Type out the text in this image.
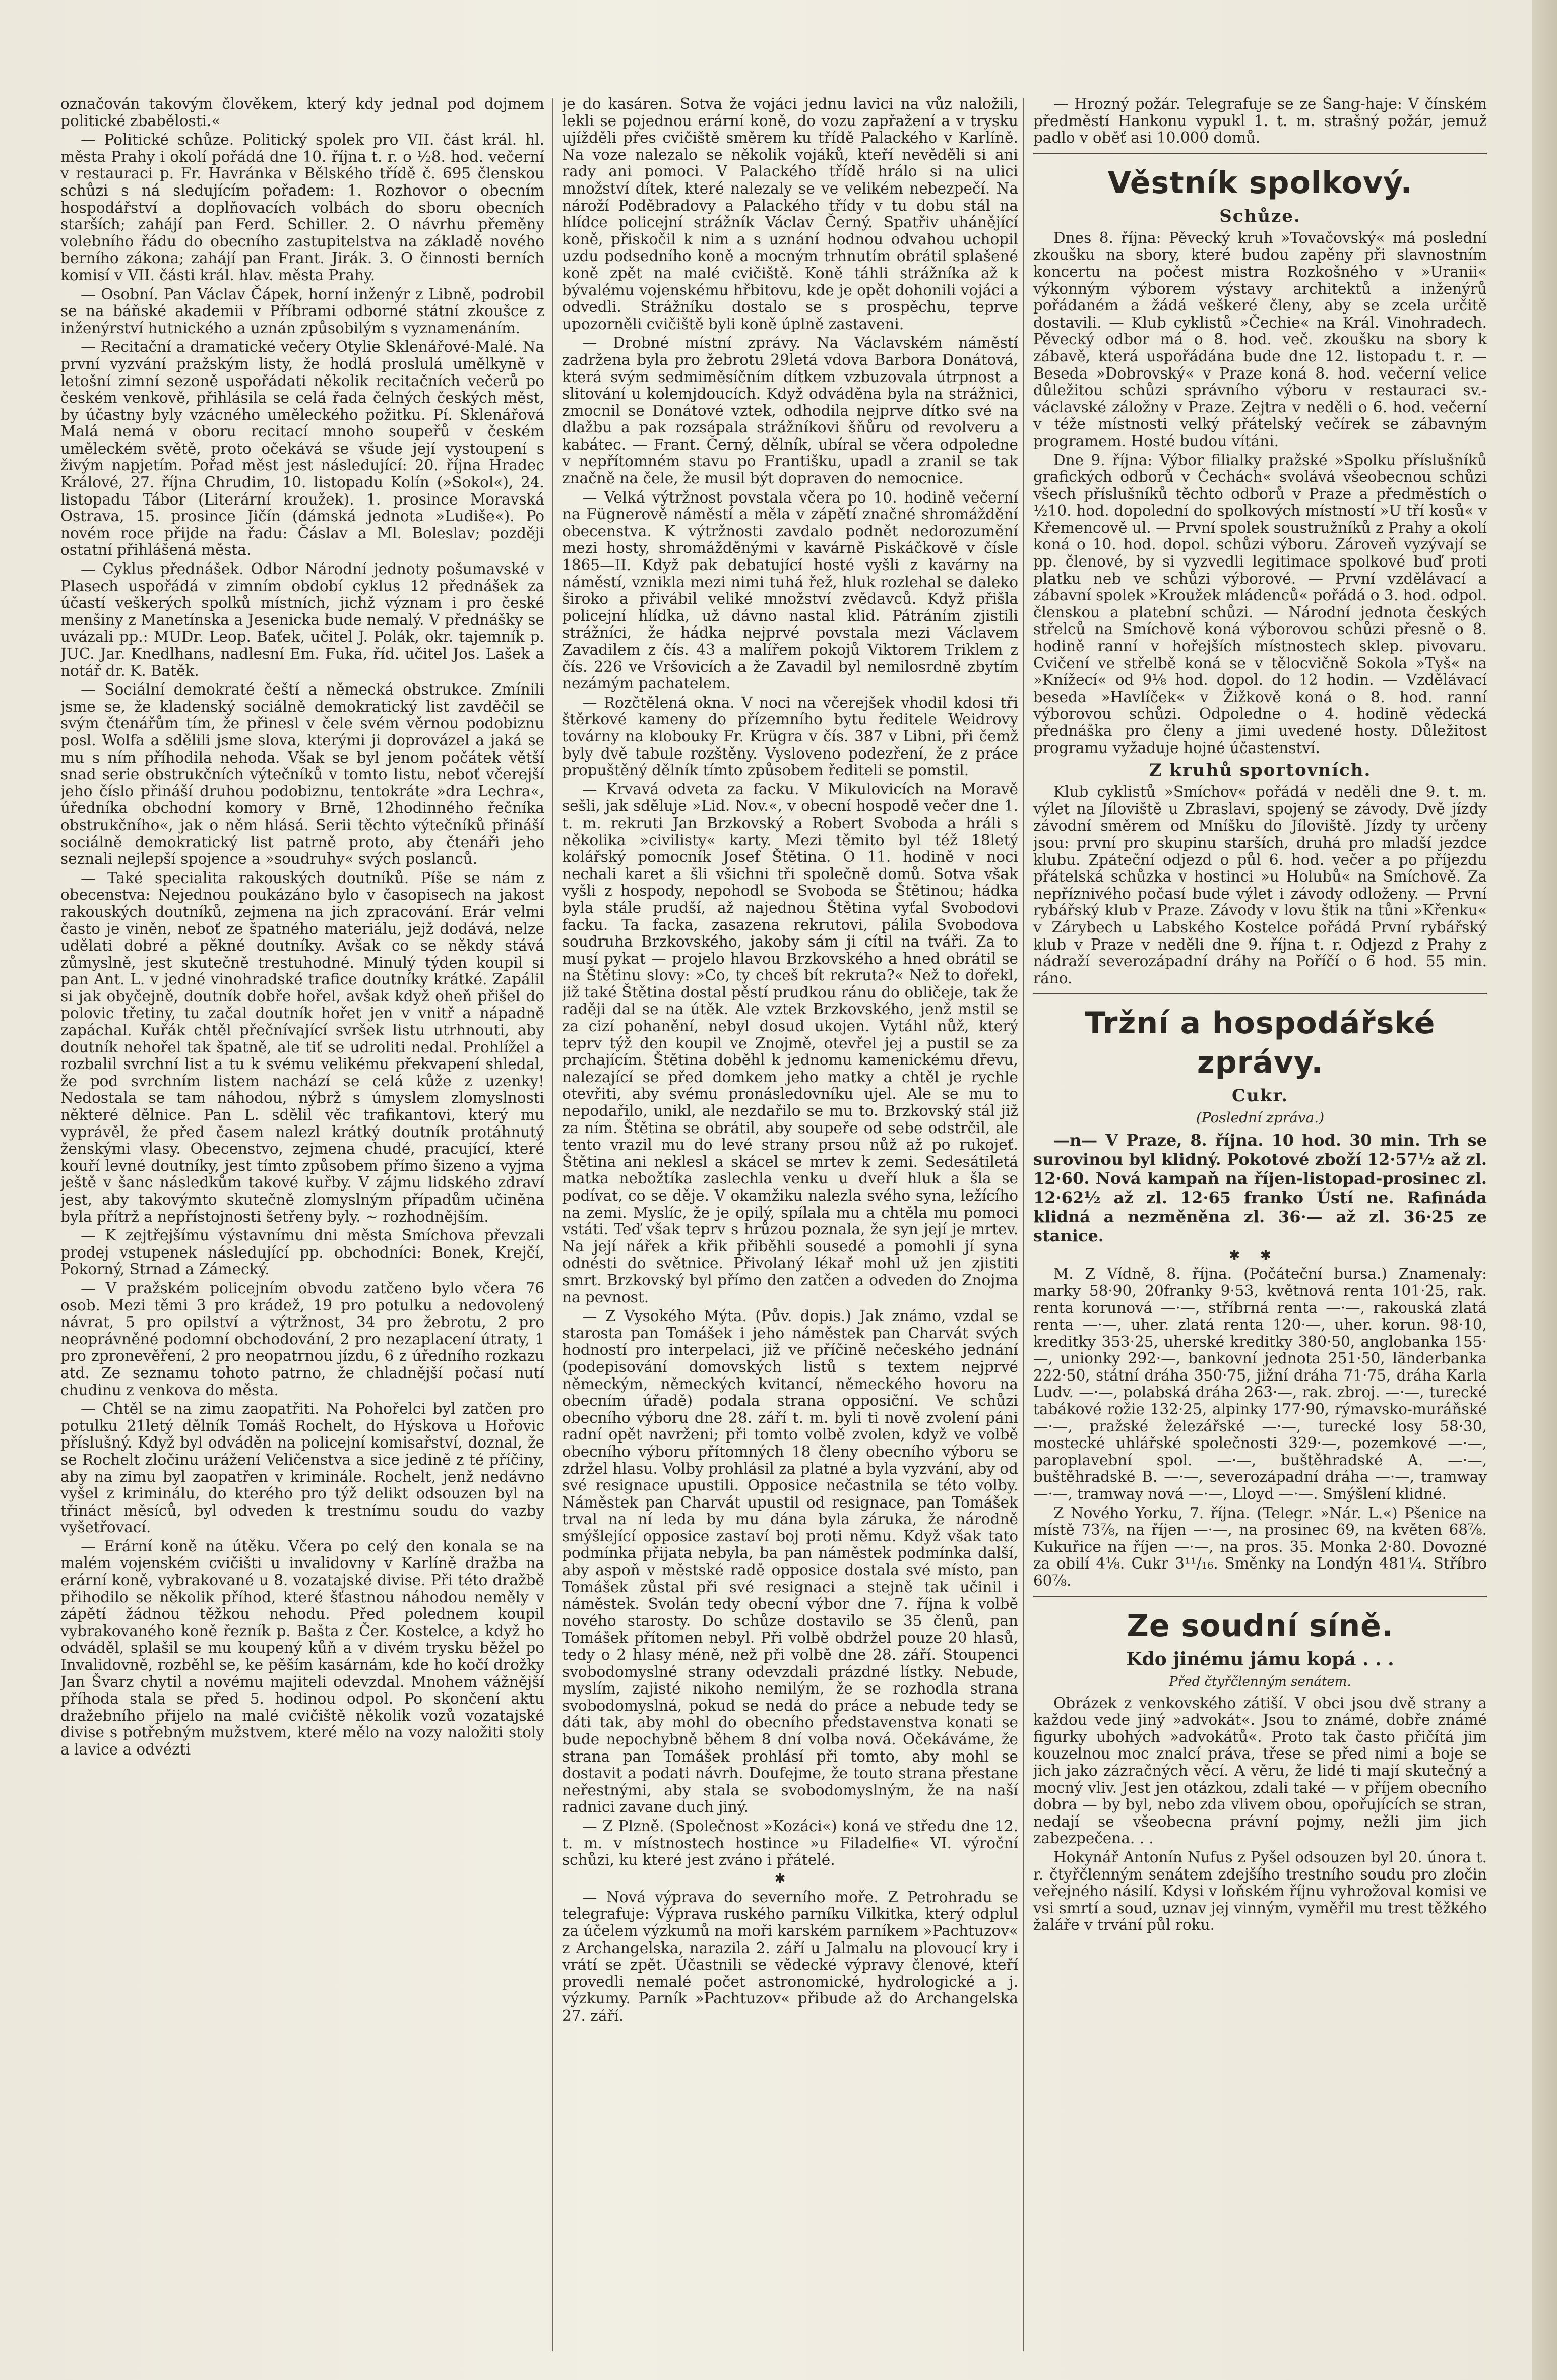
označován takovým člověkem, který kdy jednal pod dojmem politické zbabělosti.«

— Politické schůze. Politický spolek pro VII. část král. hl. města Prahy i okolí pořádá dne 10. října t. r. o ½8. hod. večerní v restauraci p. Fr. Havránka v Bělského třídě č. 695 členskou schůzi s ná sledujícím pořadem: 1. Rozhovor o obecním hospodářství a doplňovacích volbách do sboru obecních starších; zahájí pan Ferd. Schiller. 2. O návrhu přeměny volebního řádu do obecního zastupitelstva na základě nového berního zákona; zahájí pan Frant. Jirák. 3. O činnosti berních komisí v VII. části král. hlav. města Prahy.

— Osobní. Pan Václav Čápek, horní inženýr z Libně, podrobil se na báňské akademii v Příbrami odborné státní zkoušce z inženýrství hutnického a uznán způsobilým s vyznamenáním.

— Recitační a dramatické večery Otylie Sklenářové-Malé. Na první vyzvání pražským listy, že hodlá proslulá umělkyně v letošní zimní sezoně uspořádati několik recitačních večerů po českém venkově, přihlásila se celá řada čelných českých měst, by účastny byly vzácného uměleckého požitku. Pí. Sklenářová Malá nemá v oboru recitací mnoho soupeřů v českém uměleckém světě, proto očekává se všude její vystoupení s živým napjetím. Pořad měst jest následující: 20. října Hradec Králové, 27. října Chrudim, 10. listopadu Kolín (»Sokol«), 24. listopadu Tábor (Literární kroužek). 1. prosince Moravská Ostrava, 15. prosince Jičín (dámská jednota »Ludiše«). Po novém roce přijde na řadu: Čáslav a Ml. Boleslav; později ostatní přihlášená města.

— Cyklus přednášek. Odbor Národní jednoty pošumavské v Plasech uspořádá v zimním období cyklus 12 přednášek za účastí veškerých spolků místních, jichž význam i pro české menšiny z Manetínska a Jesenicka bude nemalý. V přednášky se uvázali pp.: MUDr. Leop. Baťek, učitel J. Polák, okr. tajemník p. JUC. Jar. Knedlhans, nadlesní Em. Fuka, říd. učitel Jos. Lašek a notář dr. K. Batěk.

— Sociální demokraté čeští a německá obstrukce. Zmínili jsme se, že kladenský sociálně demokratický list zavděčil se svým čtenářům tím, že přinesl v čele svém věrnou podobiznu posl. Wolfa a sdělili jsme slova, kterými ji doprovázel a jaká se mu s ním příhodila nehoda. Však se byl jenom počátek větší snad serie obstrukčních výtečníků v tomto listu, neboť včerejší jeho číslo přináší druhou podobiznu, tentokráte »dra Lechra«, úředníka obchodní komory v Brně, 12hodinného řečníka obstrukčního«, jak o něm hlásá. Serii těchto výtečníků přináší sociálně demokratický list patrně proto, aby čtenáři jeho seznali nejlepší spojence a »soudruhy« svých poslanců.

— Také specialita rakouských doutníků. Píše se nám z obecenstva: Nejednou poukázáno bylo v časopisech na jakost rakouských doutníků, zejmena na jich zpracování. Erár velmi často je viněn, neboť ze špatného materiálu, jejž dodává, nelze udělati dobré a pěkné doutníky. Avšak co se někdy stává zůmyslně, jest skutečně trestuhodné. Minulý týden koupil si pan Ant. L. v jedné vinohradské trafice doutníky krátké. Zapálil si jak obyčejně, doutník dobře hořel, avšak když oheň přišel do polovic třetiny, tu začal doutník hořet jen v vnitř a nápadně zapáchal. Kuřák chtěl přečnívající svršek listu utrhnouti, aby doutník nehořel tak špatně, ale tiť se udroliti nedal. Prohlížel a rozbalil svrchní list a tu k svému velikému překvapení shledal, že pod svrchním listem nachází se celá kůže z uzenky! Nedostala se tam náhodou, nýbrž s úmyslem zlomyslnosti některé dělnice. Pan L. sdělil věc trafikantovi, který mu vyprávěl, že před časem nalezl krátký doutník protáhnutý ženskými vlasy. Obecenstvo, zejmena chudé, pracující, které kouří levné doutníky, jest tímto způsobem přímo šizeno a vyjma ještě v šanc následkům takové kuřby. V zájmu lidského zdraví jest, aby takovýmto skutečně zlomyslným případům učiněna byla přítrž a nepřístojnosti šetřeny byly. ~ rozhodnějším.

— K zejtřejšímu výstavnímu dni města Smíchova převzali prodej vstupenek následující pp. obchodníci: Bonek, Krejčí, Pokorný, Strnad a Zámecký.

— V pražském policejním obvodu zatčeno bylo včera 76 osob. Mezi těmi 3 pro krádež, 19 pro potulku a nedovolený návrat, 5 pro opilství a výtržnost, 34 pro žebrotu, 2 pro neoprávněné podomní obchodování, 2 pro nezaplacení útraty, 1 pro zpronevěření, 2 pro neopatrnou jízdu, 6 z úředního rozkazu atd. Ze seznamu tohoto patrno, že chladnější počasí nutí chudinu z venkova do města.

— Chtěl se na zimu zaopatřiti. Na Pohořelci byl zatčen pro potulku 21letý dělník Tomáš Rochelt, do Hýskova u Hořovic příslušný. Když byl odváděn na policejní komisařství, doznal, že se Rochelt zločinu urážení Veličenstva a sice jedině z té příčiny, aby na zimu byl zaopatřen v kriminále. Rochelt, jenž nedávno vyšel z kriminálu, do kterého pro týž delikt odsouzen byl na třináct měsíců, byl odveden k trestnímu soudu do vazby vyšetřovací.

— Erární koně na útěku. Včera po celý den konala se na malém vojenském cvičišti u invalidovny v Karlíně dražba na erární koně, vybrakované u 8. vozatajské divise. Při této dražbě přihodilo se několik příhod, které šťastnou náhodou neměly v zápětí žádnou těžkou nehodu. Před polednem koupil vybrakovaného koně řezník p. Bašta z Čer. Kostelce, a když ho odváděl, splašil se mu koupený kůň a v divém trysku běžel po Invalidovně, rozběhl se, ke pěším kasárnám, kde ho kočí drožky Jan Švarz chytil a novému majiteli odevzdal. Mnohem vážnější příhoda stala se před 5. hodinou odpol. Po skončení aktu dražebního přijelo na malé cvičiště několik vozů vozatajské divise s potřebným mužstvem, které mělo na vozy naložiti stoly a lavice a odvézti

je do kasáren. Sotva že vojáci jednu lavici na vůz naložili, lekli se pojednou erární koně, do vozu zapřažení a v trysku ujížděli přes cvičiště směrem ku třídě Palackého v Karlíně. Na voze nalezalo se několik vojáků, kteří nevěděli si ani rady ani pomoci. V Palackého třídě hrálo si na ulici množství dítek, které nalezaly se ve velikém nebezpečí. Na nároží Poděbradovy a Palackého třídy v tu dobu stál na hlídce policejní strážník Václav Černý. Spatřiv uhánějící koně, přiskočil k nim a s uznání hodnou odvahou uchopil uzdu podsedního koně a mocným trhnutím obrátil splašené koně zpět na malé cvičiště. Koně táhli strážníka až k bývalému vojenskému hřbitovu, kde je opět dohonili vojáci a odvedli. Strážníku dostalo se s prospěchu, teprve upozorněli cvičiště byli koně úplně zastaveni.

— Drobné místní zprávy. Na Václavském náměstí zadržena byla pro žebrotu 29letá vdova Barbora Donátová, která svým sedmiměsíčním dítkem vzbuzovala útrpnost a slitování u kolemjdoucích. Když odváděna byla na strážnici, zmocnil se Donátové vztek, odhodila nejprve dítko své na dlažbu a pak rozsápala strážníkovi šňůru od revolveru a kabátec. — Frant. Černý, dělník, ubíral se včera odpoledne v nepřítomném stavu po Františku, upadl a zranil se tak značně na čele, že musil být dopraven do nemocnice.

— Velká výtržnost povstala včera po 10. hodině večerní na Fügnerově náměstí a měla v zápětí značné shromáždění obecenstva. K výtržnosti zavdalo podnět nedorozumění mezi hosty, shromážděnými v kavárně Piskáčkově v čísle 1865—II. Když pak debatující hosté vyšli z kavárny na náměstí, vznikla mezi nimi tuhá řež, hluk rozlehal se daleko široko a přivábil veliké množství zvědavců. Když přišla policejní hlídka, už dávno nastal klid. Pátráním zjistili strážníci, že hádka nejprvé povstala mezi Václavem Zavadilem z čís. 43 a malířem pokojů Viktorem Triklem z čís. 226 ve Vršovicích a že Zavadil byl nemilosrdně zbytím nezámým pachatelem.

— Rozčtělená okna. V noci na včerejšek vhodil kdosi tři štěrkové kameny do přízemního bytu ředitele Weidrovy továrny na klobouky Fr. Krügra v čís. 387 v Libni, při čemž byly dvě tabule rozštěny. Vysloveno podezření, že z práce propuštěný dělník tímto způsobem řediteli se pomstil.

— Krvavá odveta za facku. V Mikulovicích na Moravě sešli, jak sděluje »Lid. Nov.«, v obecní hospodě večer dne 1. t. m. rekruti Jan Brzkovský a Robert Svoboda a hráli s několika »civilisty« karty. Mezi těmito byl též 18letý kolářský pomocník Josef Štětina. O 11. hodině v noci nechali karet a šli všichni tři společně domů. Sotva však vyšli z hospody, nepohodl se Svoboda se Štětinou; hádka byla stále prudší, až najednou Štětina vyťal Svobodovi facku. Ta facka, zasazena rekrutovi, pálila Svobodova soudruha Brzkovského, jakoby sám ji cítil na tváři. Za to musí pykat — projelo hlavou Brzkovského a hned obrátil se na Štětinu slovy: »Co, ty chceš bít rekruta?« Než to dořekl, již také Štětina dostal pěstí prudkou ránu do obličeje, tak že raději dal se na útěk. Ale vztek Brzkovského, jenž mstil se za cizí pohanění, nebyl dosud ukojen. Vytáhl nůž, který teprv týž den koupil ve Znojmě, otevřel jej a pustil se za prchajícím. Štětina doběhl k jednomu kamenickému dřevu, nalezající se před domkem jeho matky a chtěl je rychle otevřiti, aby svému pronásledovníku ujel. Ale se mu to nepodařilo, unikl, ale nezdařilo se mu to. Brzkovský stál již za ním. Štětina se obrátil, aby soupeře od sebe odstrčil, ale tento vrazil mu do levé strany prsou nůž až po rukojeť. Štětina ani neklesl a skácel se mrtev k zemi. Sedesátiletá matka nebožtíka zaslechla venku u dveří hluk a šla se podívat, co se děje. V okamžiku nalezla svého syna, ležícího na zemi. Myslíc, že je opilý, spílala mu a chtěla mu pomoci vstáti. Teď však teprv s hrůzou poznala, že syn její je mrtev. Na její nářek a křik přiběhli sousedé a pomohli jí syna odnésti do světnice. Přivolaný lékař mohl už jen zjistiti smrt. Brzkovský byl přímo den zatčen a odveden do Znojma na pevnost.

— Z Vysokého Mýta. (Pův. dopis.) Jak známo, vzdal se starosta pan Tomášek i jeho náměstek pan Charvát svých hodností pro interpelaci, již ve příčině nečeského jednání (podepisování domovských listů s textem nejprvé německým, německých kvitancí, německého hovoru na obecním úřadě) podala strana opposiční. Ve schůzi obecního výboru dne 28. září t. m. byli ti nově zvolení páni radní opět navrženi; při tomto volbě zvolen, když ve volbě obecního výboru přítomných 18 členy obecního výboru se zdržel hlasu. Volby prohlásil za platné a byla vyzvání, aby od své resignace upustili. Opposice nečastnila se této volby. Náměstek pan Charvát upustil od resignace, pan Tomášek trval na ní leda by mu dána byla záruka, že národně smýšlející opposice zastaví boj proti němu. Když však tato podmínka přijata nebyla, ba pan náměstek podmínka další, aby aspoň v městské radě opposice dostala své místo, pan Tomášek zůstal při své resignaci a stejně tak učinil i náměstek. Svolán tedy obecní výbor dne 7. října k volbě nového starosty. Do schůze dostavilo se 35 členů, pan Tomášek přítomen nebyl. Při volbě obdržel pouze 20 hlasů, tedy o 2 hlasy méně, než při volbě dne 28. září. Stoupenci svobodomyslné strany odevzdali prázdné lístky. Nebude, myslím, zajisté nikoho nemilým, že se rozhodla strana svobodomyslná, pokud se nedá do práce a nebude tedy se dáti tak, aby mohl do obecního představenstva konati se bude nepochybně během 8 dní volba nová. Očekáváme, že strana pan Tomášek prohlásí při tomto, aby mohl se dostavit a podati návrh. Doufejme, že touto strana přestane neřestnými, aby stala se svobodomyslným, že na naší radnici zavane duch jiný.

— Z Plzně. (Společnost »Kozáci«) koná ve středu dne 12. t. m. v místnostech hostince »u Filadelfie« VI. výroční schůzi, ku které jest zváno i přátelé.

✱

— Nová výprava do severního moře. Z Petrohradu se telegrafuje: Výprava ruského parníku Vilkitka, který odplul za účelem výzkumů na moři karském parníkem »Pachtuzov« z Archangelska, narazila 2. září u Jalmalu na plovoucí kry i vrátí se zpět. Účastnili se vědecké výpravy členové, kteří provedli nemalé počet astronomické, hydrologické a j. výzkumy. Parník »Pachtuzov« přibude až do Archangelska 27. září.

— Hrozný požár. Telegrafuje se ze Šang-haje: V čínském předměstí Hankonu vypukl 1. t. m. strašný požár, jemuž padlo v oběť asi 10.000 domů.

Věstník spolkový.
Schůze.

Dnes 8. října: Pěvecký kruh »Tovačovský« má poslední zkoušku na sbory, které budou zapěny při slavnostním koncertu na počest mistra Rozkošného v »Uranii« výkonným výborem výstavy architektů a inženýrů pořádaném a žádá veškeré členy, aby se zcela určitě dostavili. — Klub cyklistů »Čechie« na Král. Vinohradech. Pěvecký odbor má o 8. hod. več. zkoušku na sbory k zábavě, která uspořádána bude dne 12. listopadu t. r. — Beseda »Dobrovský« v Praze koná 8. hod. večerní velice důležitou schůzi správního výboru v restauraci sv.-václavské záložny v Praze. Zejtra v neděli o 6. hod. večerní v téže místnosti velký přátelský večírek se zábavným programem. Hosté budou vítáni.

Dne 9. října: Výbor filialky pražské »Spolku příslušníků grafických odborů v Čechách« svolává všeobecnou schůzi všech příslušníků těchto odborů v Praze a předměstích o ½10. hod. dopolední do spolkových místností »U tří kosů« v Křemencově ul. — První spolek soustružníků z Prahy a okolí koná o 10. hod. dopol. schůzi výboru. Zároveň vyzývají se pp. členové, by si vyzvedli legitimace spolkové buď proti platku neb ve schůzi výborové. — První vzdělávací a zábavní spolek »Kroužek mládenců« pořádá o 3. hod. odpol. členskou a platební schůzi. — Národní jednota českých střelců na Smíchově koná výborovou schůzi přesně o 8. hodině ranní v hořejších místnostech sklep. pivovaru. Cvičení ve střelbě koná se v tělocvičně Sokola »Tyš« na »Knížecí« od 9⅛ hod. dopol. do 12 hodin. — Vzdělávací beseda »Havlíček« v Žižkově koná o 8. hod. ranní výborovou schůzi. Odpoledne o 4. hodině vědecká přednáška pro členy a jimi uvedené hosty. Důležitost programu vyžaduje hojné účastenství.

Z kruhů sportovních.

Klub cyklistů »Smíchov« pořádá v neděli dne 9. t. m. výlet na Jíloviště u Zbraslavi, spojený se závody. Dvě jízdy závodní směrem od Mníšku do Jíloviště. Jízdy ty určeny jsou: první pro skupinu starších, druhá pro mladší jezdce klubu. Zpáteční odjezd o půl 6. hod. večer a po příjezdu přátelská schůzka v hostinci »u Holubů« na Smíchově. Za nepříznivého počasí bude výlet i závody odloženy. — První rybářský klub v Praze. Závody v lovu štik na tůni »Křenku« v Zárybech u Labského Kostelce pořádá První rybářský klub v Praze v neděli dne 9. října t. r. Odjezd z Prahy z nádraží severozápadní dráhy na Poříčí o 6 hod. 55 min. ráno.

Tržní a hospodářské zprávy.
Cukr.
(Poslední zpráva.)

—n— V Praze, 8. října. 10 hod. 30 min. Trh se surovinou byl klidný. Pokotové zboží 12·57½ až zl. 12·60. Nová kampaň na říjen-listopad-prosinec zl. 12·62½ až zl. 12·65 franko Ústí ne. Rafináda klidná a nezměněna zl. 36·— až zl. 36·25 ze stanice.

✱✱

M. Z Vídně, 8. října. (Počáteční bursa.) Znamenaly: marky 58·90, 20franky 9·53, květnová renta 101·25, rak. renta korunová —·—, stříbrná renta —·—, rakouská zlatá renta —·—, uher. zlatá renta 120·—, uher. korun. 98·10, kreditky 353·25, uherské kreditky 380·50, anglobanka 155·—, unionky 292·—, bankovní jednota 251·50, länderbanka 222·50, státní dráha 350·75, jižní dráha 71·75, dráha Karla Ludv. —·—, polabská dráha 263·—, rak. zbroj. —·—, turecké tabákové rožie 132·25, alpinky 177·90, rýmavsko-muráňské —·—, pražské železářské —·—, turecké losy 58·30, mostecké uhlářské společnosti 329·—, pozemkové —·—, paroplavební spol. —·—, buštěhradské A. —·—, buštěhradské B. —·—, severozápadní dráha —·—, tramway —·—, tramway nová —·—, Lloyd —·—. Smýšlení klidné.

Z Nového Yorku, 7. října. (Telegr. »Nár. L.«) Pšenice na místě 73⅞, na říjen —·—, na prosinec 69, na květen 68⅞. Kukuřice na říjen —·—, na pros. 35. Monka 2·80. Dovozné za obilí 4⅛. Cukr 3¹¹/₁₆. Směnky na Londýn 481¼. Stříbro 60⅞.

Ze soudní síně.
Kdo jinému jámu kopá . . .
Před čtyřčlenným senátem.

Obrázek z venkovského zátiší. V obci jsou dvě strany a každou vede jiný »advokát«. Jsou to známé, dobře známé figurky ubohých »advokátů«. Proto tak často přičítá jim kouzelnou moc znalcí práva, třese se před nimi a boje se jich jako zázračných věcí. A věru, že lidé ti mají skutečný a mocný vliv. Jest jen otázkou, zdali také — v příjem obecního dobra — by byl, nebo zda vlivem obou, opořujících se stran, nedají se všeobecna právní pojmy, nežli jim jich zabezpečena. . .

Hokynář Antonín Nufus z Pyšel odsouzen byl 20. února t. r. čtyřčlenným senátem zdejšího trestního soudu pro zločin veřejného násilí. Kdysi v loňském říjnu vyhrožoval komisi ve vsi smrtí a soud, uznav jej vinným, vyměřil mu trest těžkého žaláře v trvání půl roku.
